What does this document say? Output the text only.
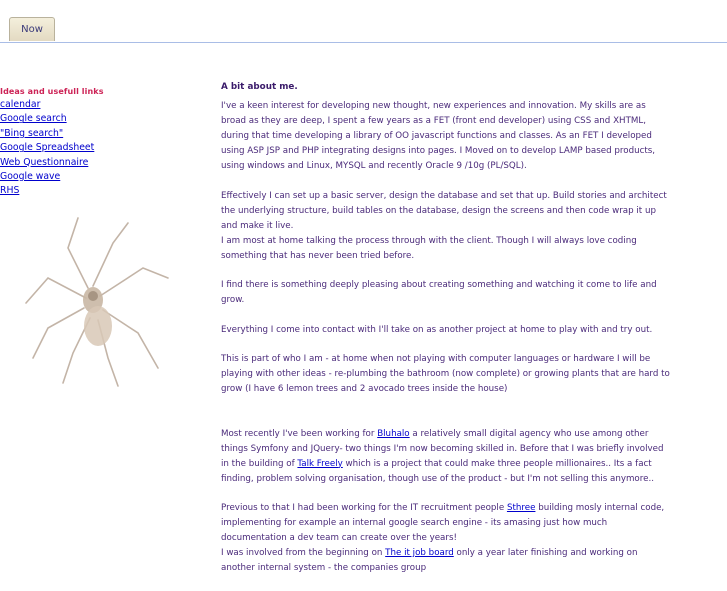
Now
Ideas and usefull links
calendar
Google search
"Bing search"
Google Spreadsheet
Web Questionnaire
Google wave
RHS
A bit about me.

I've a keen interest for developing new thought, new experiences and innovation. My skills are as broad as they are deep, I spent a few years as a FET (front end developer) using CSS and XHTML, during that time developing a library of OO javascript functions and classes. As an FET I developed using ASP JSP and PHP integrating designs into pages. I Moved on to develop LAMP based products, using windows and Linux, MYSQL and recently Oracle 9 /10g (PL/SQL).

Effectively I can set up a basic server, design the database and set that up. Build stories and architect the underlying structure, build tables on the database, design the screens and then code wrap it up and make it live.
I am most at home talking the process through with the client. Though I will always love coding something that has never been tried before.

I find there is something deeply pleasing about creating something and watching it come to life and grow.

Everything I come into contact with I'll take on as another project at home to play with and try out.

This is part of who I am - at home when not playing with computer languages or hardware I will be playing with other ideas - re-plumbing the bathroom (now complete) or growing plants that are hard to grow (I have 6 lemon trees and 2 avocado trees inside the house)

Most recently I've been working for Bluhalo a relatively small digital agency who use among other things Symfony and JQuery- two things I'm now becoming skilled in. Before that I was briefly involved in the building of Talk Freely which is a project that could make three people millionaires.. Its a fact finding, problem solving organisation, though use of the product - but I'm not selling this anymore..

Previous to that I had been working for the IT recruitment people Sthree building mosly internal code, implementing for example an internal google search engine - its amasing just how much documentation a dev team can create over the years!
I was involved from the beginning on The it job board only a year later finishing and working on another internal system - the companies group
